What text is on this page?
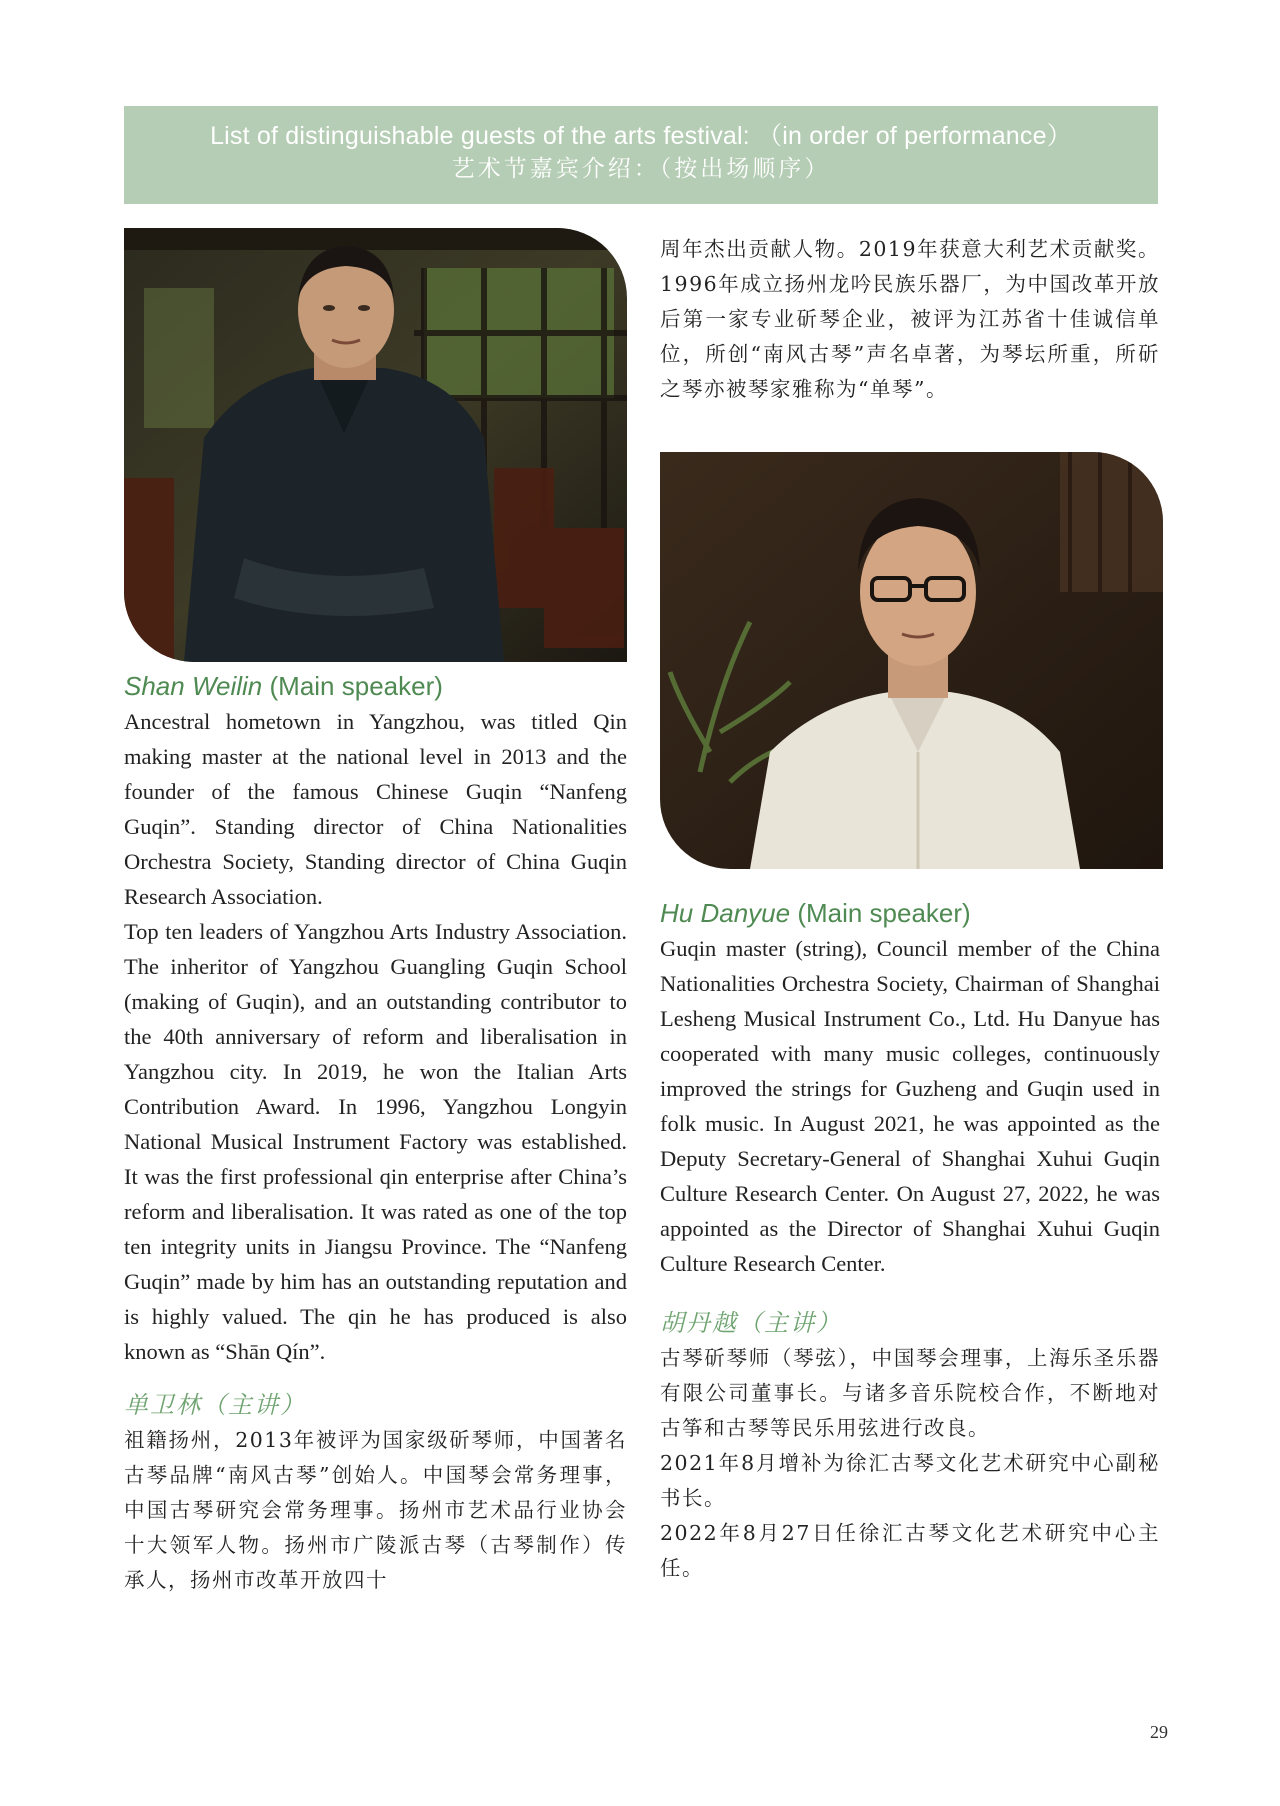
List of distinguishable guests of the arts festival: （in order of performance）
艺术节嘉宾介绍：（按出场顺序）
周年杰出贡献人物。2019年获意大利艺术贡献奖。1996年成立扬州龙吟民族乐器厂，为中国改革开放后第一家专业斫琴企业，被评为江苏省十佳诚信单位，所创“南风古琴”声名卓著，为琴坛所重，所斫之琴亦被琴家雅称为“单琴”。
Shan Weilin (Main speaker)

Ancestral hometown in Yangzhou, was titled Qin making master at the national level in 2013 and the founder of the famous Chinese Guqin “Nanfeng Guqin”. Standing director of China Nationalities Orchestra Society, Standing director of China Guqin Research Association.

Top ten leaders of Yangzhou Arts Industry Association. The inheritor of Yangzhou Guangling Guqin School (making of Guqin), and an outstanding contributor to the 40th anniversary of reform and liberalisation in Yangzhou city. In 2019, he won the Italian Arts Contribution Award. In 1996, Yangzhou Longyin National Musical Instrument Factory was established. It was the first professional qin enterprise after China’s reform and liberalisation. It was rated as one of the top ten integrity units in Jiangsu Province. The “Nanfeng Guqin” made by him has an outstanding reputation and is highly valued. The qin he has produced is also known as “Shān Qín”.

单卫林（主讲）
祖籍扬州，2013年被评为国家级斫琴师，中国著名古琴品牌“南风古琴”创始人。中国琴会常务理事，中国古琴研究会常务理事。扬州市艺术品行业协会十大领军人物。扬州市广陵派古琴（古琴制作）传承人，扬州市改革开放四十
Hu Danyue (Main speaker)

Guqin master (string), Council member of the China Nationalities Orchestra Society, Chairman of Shanghai Lesheng Musical Instrument Co., Ltd. Hu Danyue has cooperated with many music colleges, continuously improved the strings for Guzheng and Guqin used in folk music. In August 2021, he was appointed as the Deputy Secretary-General of Shanghai Xuhui Guqin Culture Research Center. On August 27, 2022, he was appointed as the Director of Shanghai Xuhui Guqin Culture Research Center.

胡丹越（主讲）

古琴斫琴师（琴弦），中国琴会理事，上海乐圣乐器有限公司董事长。与诸多音乐院校合作，不断地对古筝和古琴等民乐用弦进行改良。

2021年8月增补为徐汇古琴文化艺术研究中心副秘书长。

2022年8月27日任徐汇古琴文化艺术研究中心主任。

29
